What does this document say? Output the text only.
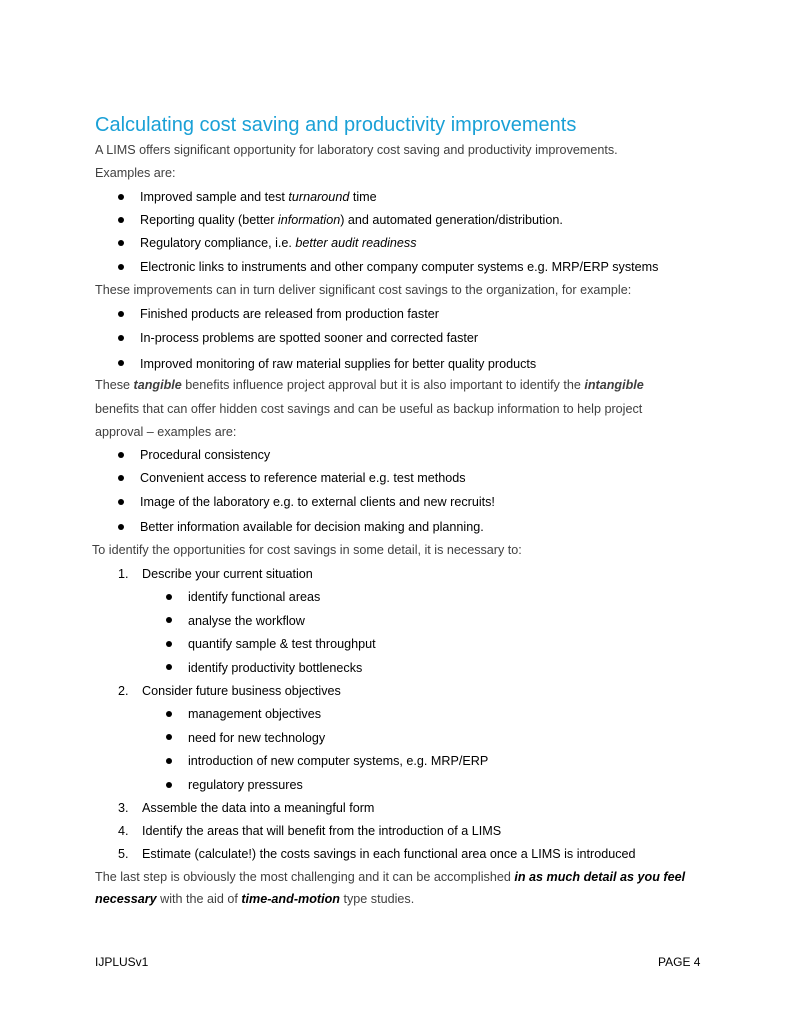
Calculating cost saving and productivity improvements
A LIMS offers significant opportunity for laboratory cost saving and productivity improvements.
Examples are:
Improved sample and test turnaround time
Reporting quality (better information) and automated generation/distribution.
Regulatory compliance, i.e. better audit readiness
Electronic links to instruments and other company computer systems e.g. MRP/ERP systems
These improvements can in turn deliver significant cost savings to the organization, for example:
Finished products are released from production faster
In-process problems are spotted sooner and corrected faster
Improved monitoring of raw material supplies for better quality products
These tangible benefits influence project approval but it is also important to identify the intangible
benefits that can offer hidden cost savings and can be useful as backup information to help project
approval – examples are:
Procedural consistency
Convenient access to reference material e.g. test methods
Image of the laboratory e.g. to external clients and new recruits!
Better information available for decision making and planning.
To identify the opportunities for cost savings in some detail, it is necessary to:
1. Describe your current situation
identify functional areas
analyse the workflow
quantify sample & test throughput
identify productivity bottlenecks
2. Consider future business objectives
management objectives
need for new technology
introduction of new computer systems, e.g. MRP/ERP
regulatory pressures
3. Assemble the data into a meaningful form
4. Identify the areas that will benefit from the introduction of a LIMS
5. Estimate (calculate!) the costs savings in each functional area once a LIMS is introduced
The last step is obviously the most challenging and it can be accomplished in as much detail as you feel
necessary with the aid of time-and-motion type studies.
IJPLUSv1	PAGE 4
